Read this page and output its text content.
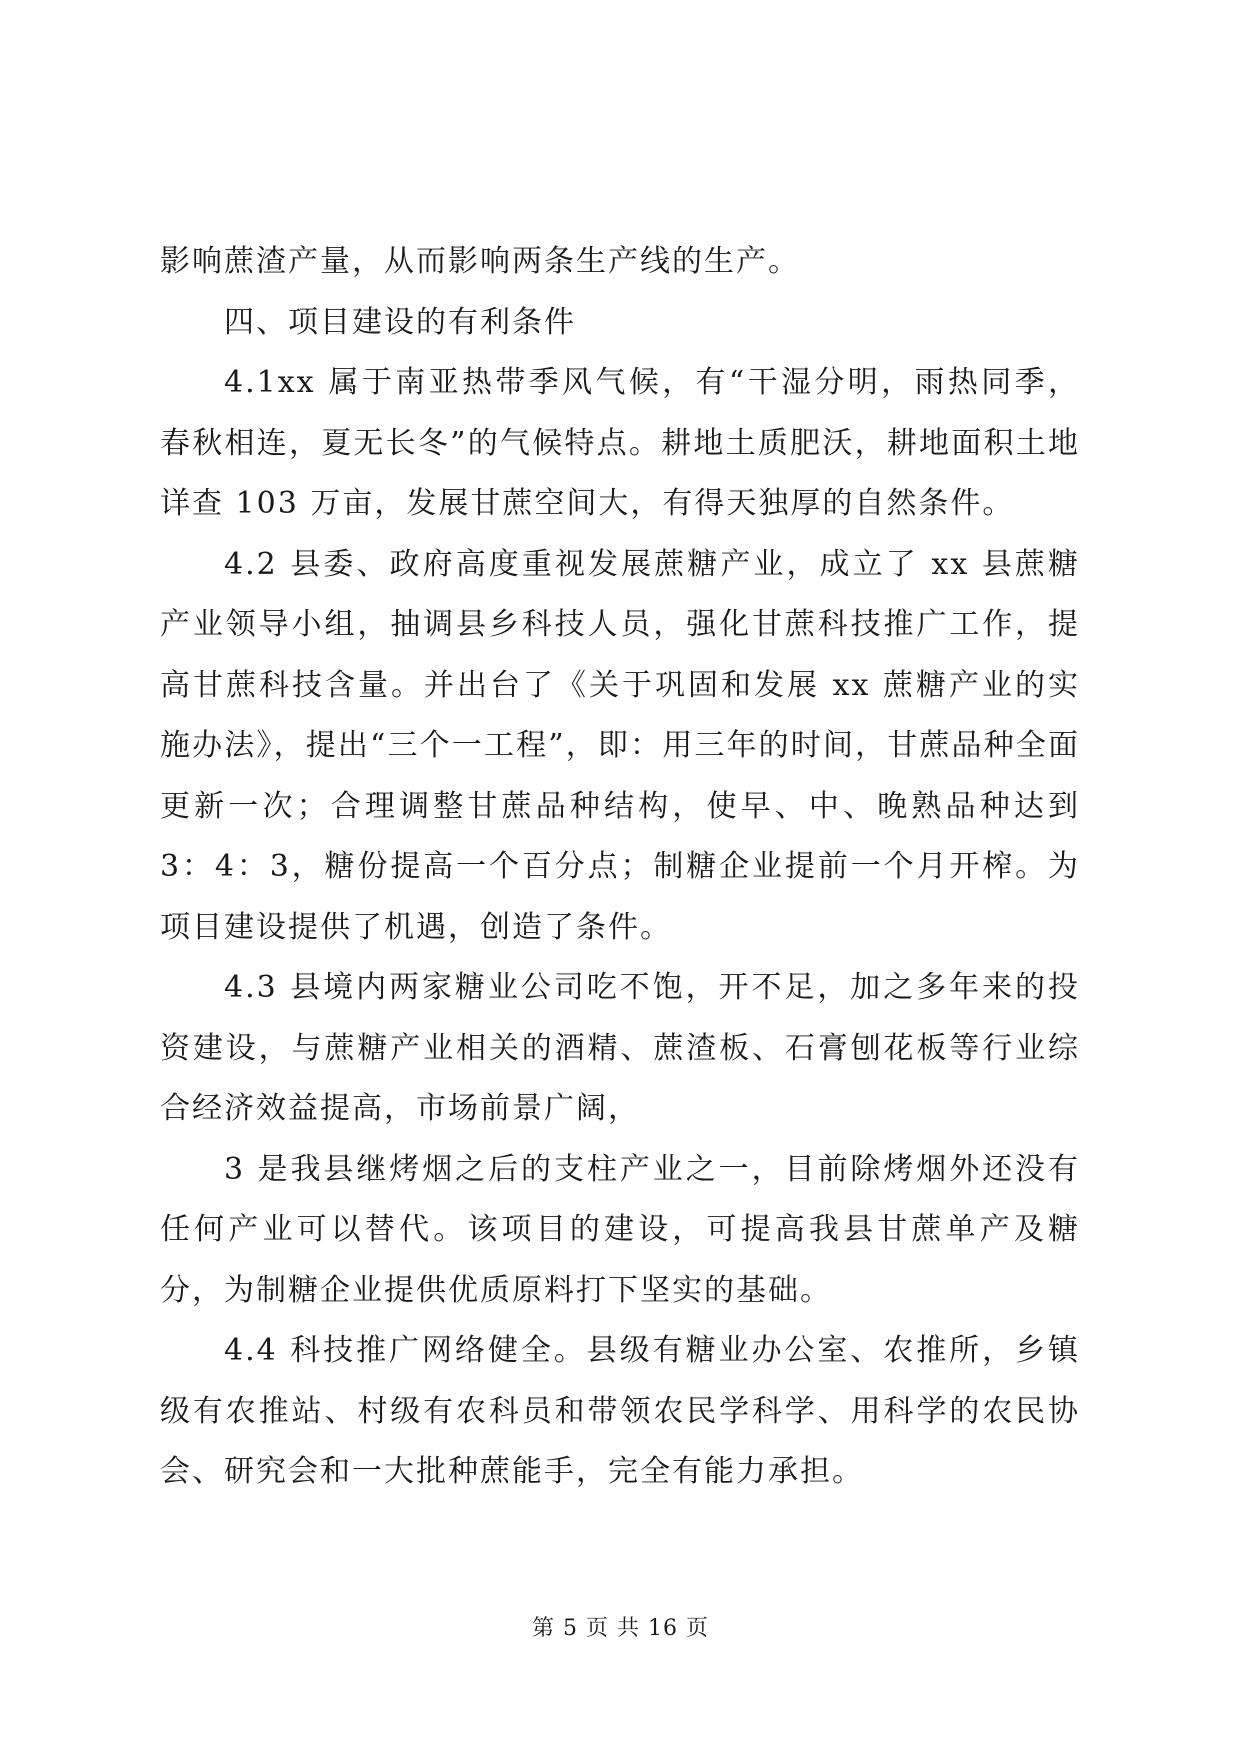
影响蔗渣产量，从而影响两条生产线的生产。

四、项目建设的有利条件

4.1xx 属于南亚热带季风气候，有“干湿分明，雨热同季，春秋相连，夏无长冬”的气候特点。耕地土质肥沃，耕地面积土地详查 103 万亩，发展甘蔗空间大，有得天独厚的自然条件。

4.2 县委、政府高度重视发展蔗糖产业，成立了 xx 县蔗糖产业领导小组，抽调县乡科技人员，强化甘蔗科技推广工作，提高甘蔗科技含量。并出台了《关于巩固和发展 xx 蔗糖产业的实施办法》，提出“三个一工程”，即：用三年的时间，甘蔗品种全面更新一次；合理调整甘蔗品种结构，使早、中、晚熟品种达到 3：4：3，糖份提高一个百分点；制糖企业提前一个月开榨。为项目建设提供了机遇，创造了条件。

4.3 县境内两家糖业公司吃不饱，开不足，加之多年来的投资建设，与蔗糖产业相关的酒精、蔗渣板、石膏刨花板等行业综合经济效益提高，市场前景广阔，

3 是我县继烤烟之后的支柱产业之一，目前除烤烟外还没有任何产业可以替代。该项目的建设，可提高我县甘蔗单产及糖分，为制糖企业提供优质原料打下坚实的基础。

4.4 科技推广网络健全。县级有糖业办公室、农推所，乡镇级有农推站、村级有农科员和带领农民学科学、用科学的农民协会、研究会和一大批种蔗能手，完全有能力承担。

第 5 页 共 16 页
